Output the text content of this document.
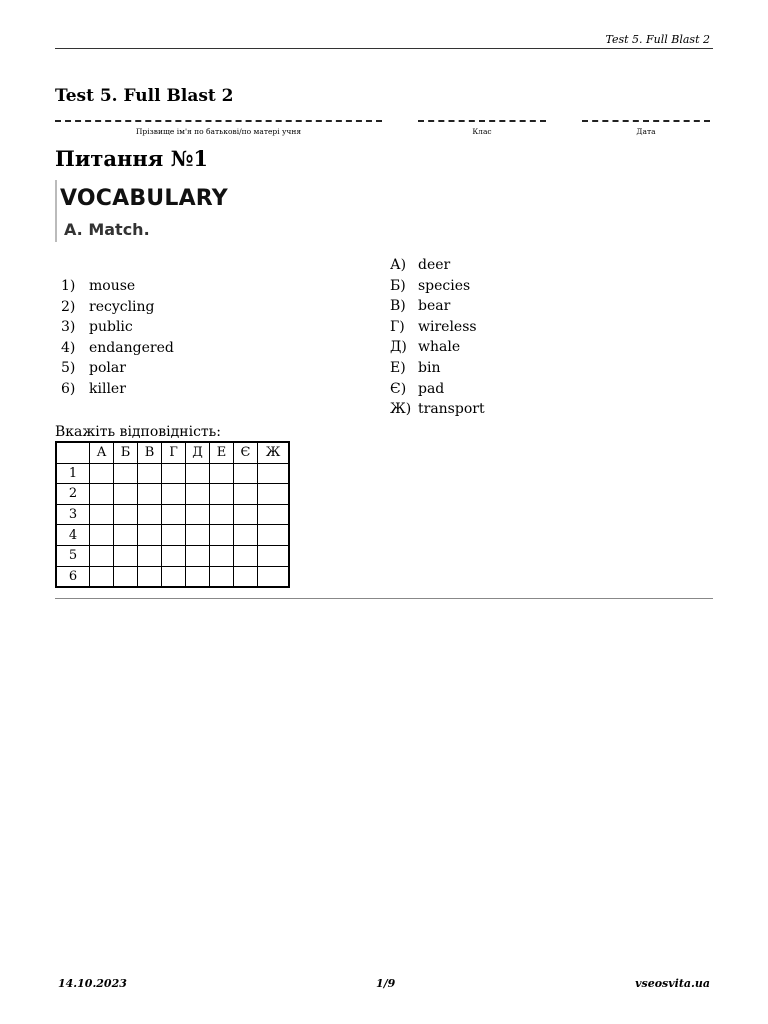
Test 5. Full Blast 2
Test 5. Full Blast 2
Прізвище ім'я по батькові/по матері учня	Клас	Дата
Питання №1
VOCABULARY
A. Match.
1) mouse
2) recycling
3) public
4) endangered
5) polar
6) killer
А) deer
Б) species
В) bear
Г) wireless
Д) whale
Е) bin
Є) pad
Ж) transport
Вкажіть відповідність:
	А	Б	В	Г	Д	Е	Є	Ж
1								
2								
3								
4								
5								
6								
14.10.2023	1/9	vseosvita.ua
